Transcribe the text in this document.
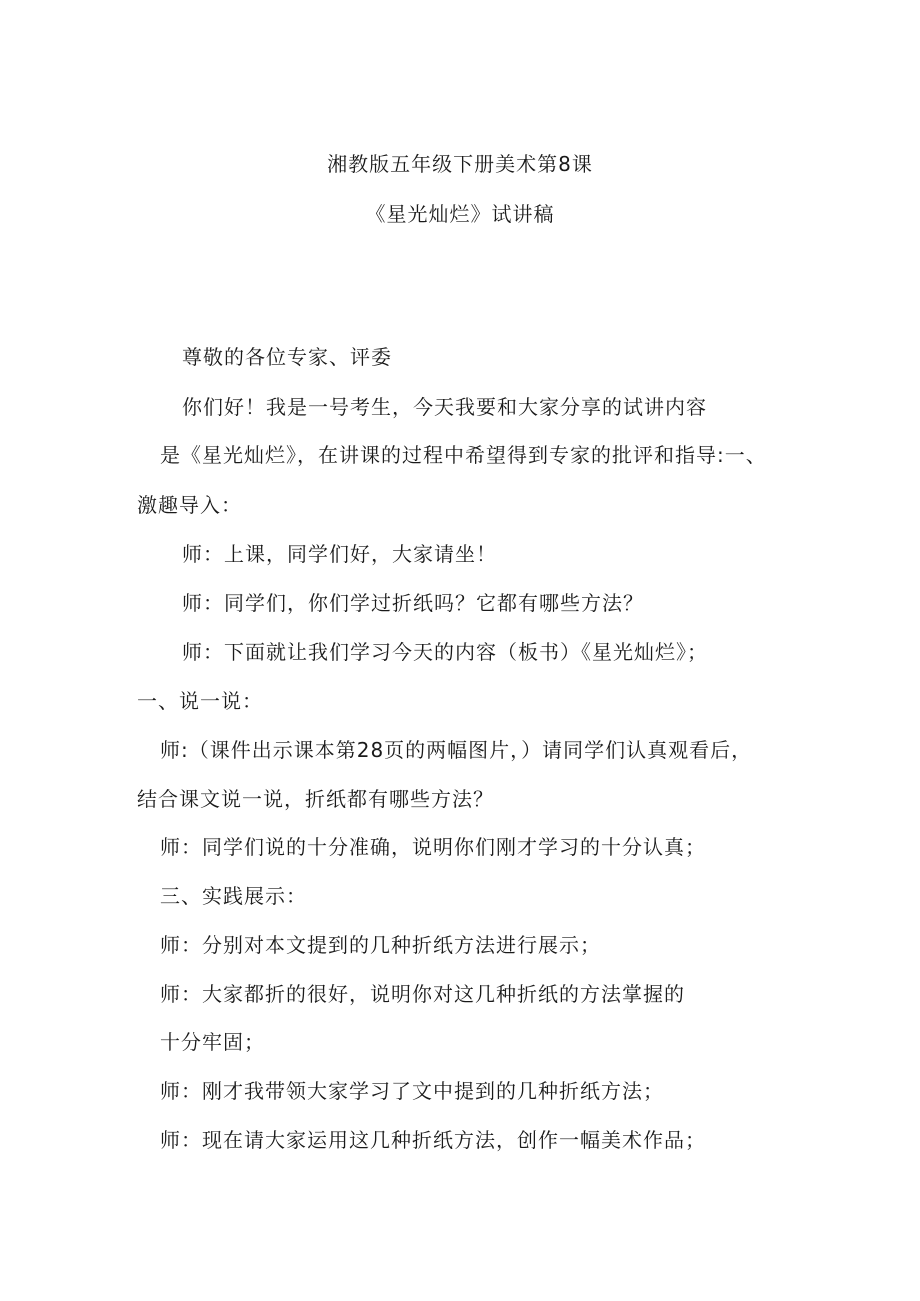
湘教版五年级下册美术第8课
《星光灿烂》试讲稿
尊敬的各位专家、评委
你们好！我是一号考生，今天我要和大家分享的试讲内容
是《星光灿烂》，在讲课的过程中希望得到专家的批评和指导:一、
激趣导入：
师：上课，同学们好，大家请坐！
师：同学们，你们学过折纸吗？它都有哪些方法？
师：下面就让我们学习今天的内容（板书）《星光灿烂》；
一、说一说：
师:（课件出示课本第28页的两幅图片，）请同学们认真观看后，
结合课文说一说，折纸都有哪些方法？
师：同学们说的十分准确，说明你们刚才学习的十分认真；
三、实践展示：
师：分别对本文提到的几种折纸方法进行展示；
师：大家都折的很好，说明你对这几种折纸的方法掌握的
十分牢固；
师：刚才我带领大家学习了文中提到的几种折纸方法；
师：现在请大家运用这几种折纸方法，创作一幅美术作品；
